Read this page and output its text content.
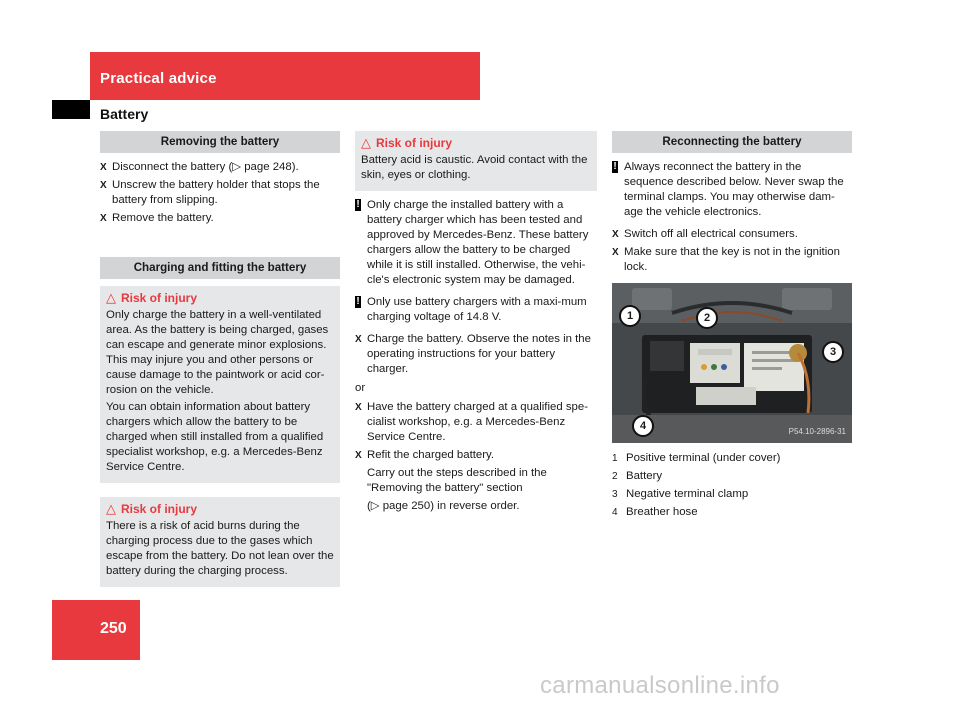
Practical advice
Battery
Removing the battery
X Disconnect the battery (▷ page 248).
X Unscrew the battery holder that stops the battery from slipping.
X Remove the battery.
Charging and fitting the battery
△ Risk of injury

Only charge the battery in a well-ventilated area. As the battery is being charged, gases can escape and generate minor explosions. This may injure you and other persons or cause damage to the paintwork or acid cor-rosion on the vehicle.

You can obtain information about battery chargers which allow the battery to be charged when still installed from a qualified specialist workshop, e.g. a Mercedes-Benz Service Centre.

△ Risk of injury

There is a risk of acid burns during the charging process due to the gases which escape from the battery. Do not lean over the battery during the charging process.

△ Risk of injury

Battery acid is caustic. Avoid contact with the skin, eyes or clothing.

! Only charge the installed battery with a battery charger which has been tested and approved by Mercedes-Benz. These battery chargers allow the battery to be charged while it is still installed. Otherwise, the vehi-cle's electronic system may be damaged.
! Only use battery chargers with a maxi-mum charging voltage of 14.8 V.
X Charge the battery. Observe the notes in the operating instructions for your battery charger.
or
X Have the battery charged at a qualified spe-cialist workshop, e.g. a Mercedes-Benz Service Centre.
X Refit the charged battery.

Carry out the steps described in the "Removing the battery" section

(▷ page 250) in reverse order.

Reconnecting the battery
! Always reconnect the battery in the sequence described below. Never swap the terminal clamps. You may otherwise dam-age the vehicle electronics.
X Switch off all electrical consumers.
X Make sure that the key is not in the ignition lock.
1	2
3
4	P54.10-2896-31
1 Positive terminal (under cover)
2 Battery
3 Negative terminal clamp
4 Breather hose
250
carmanualsonline.info
